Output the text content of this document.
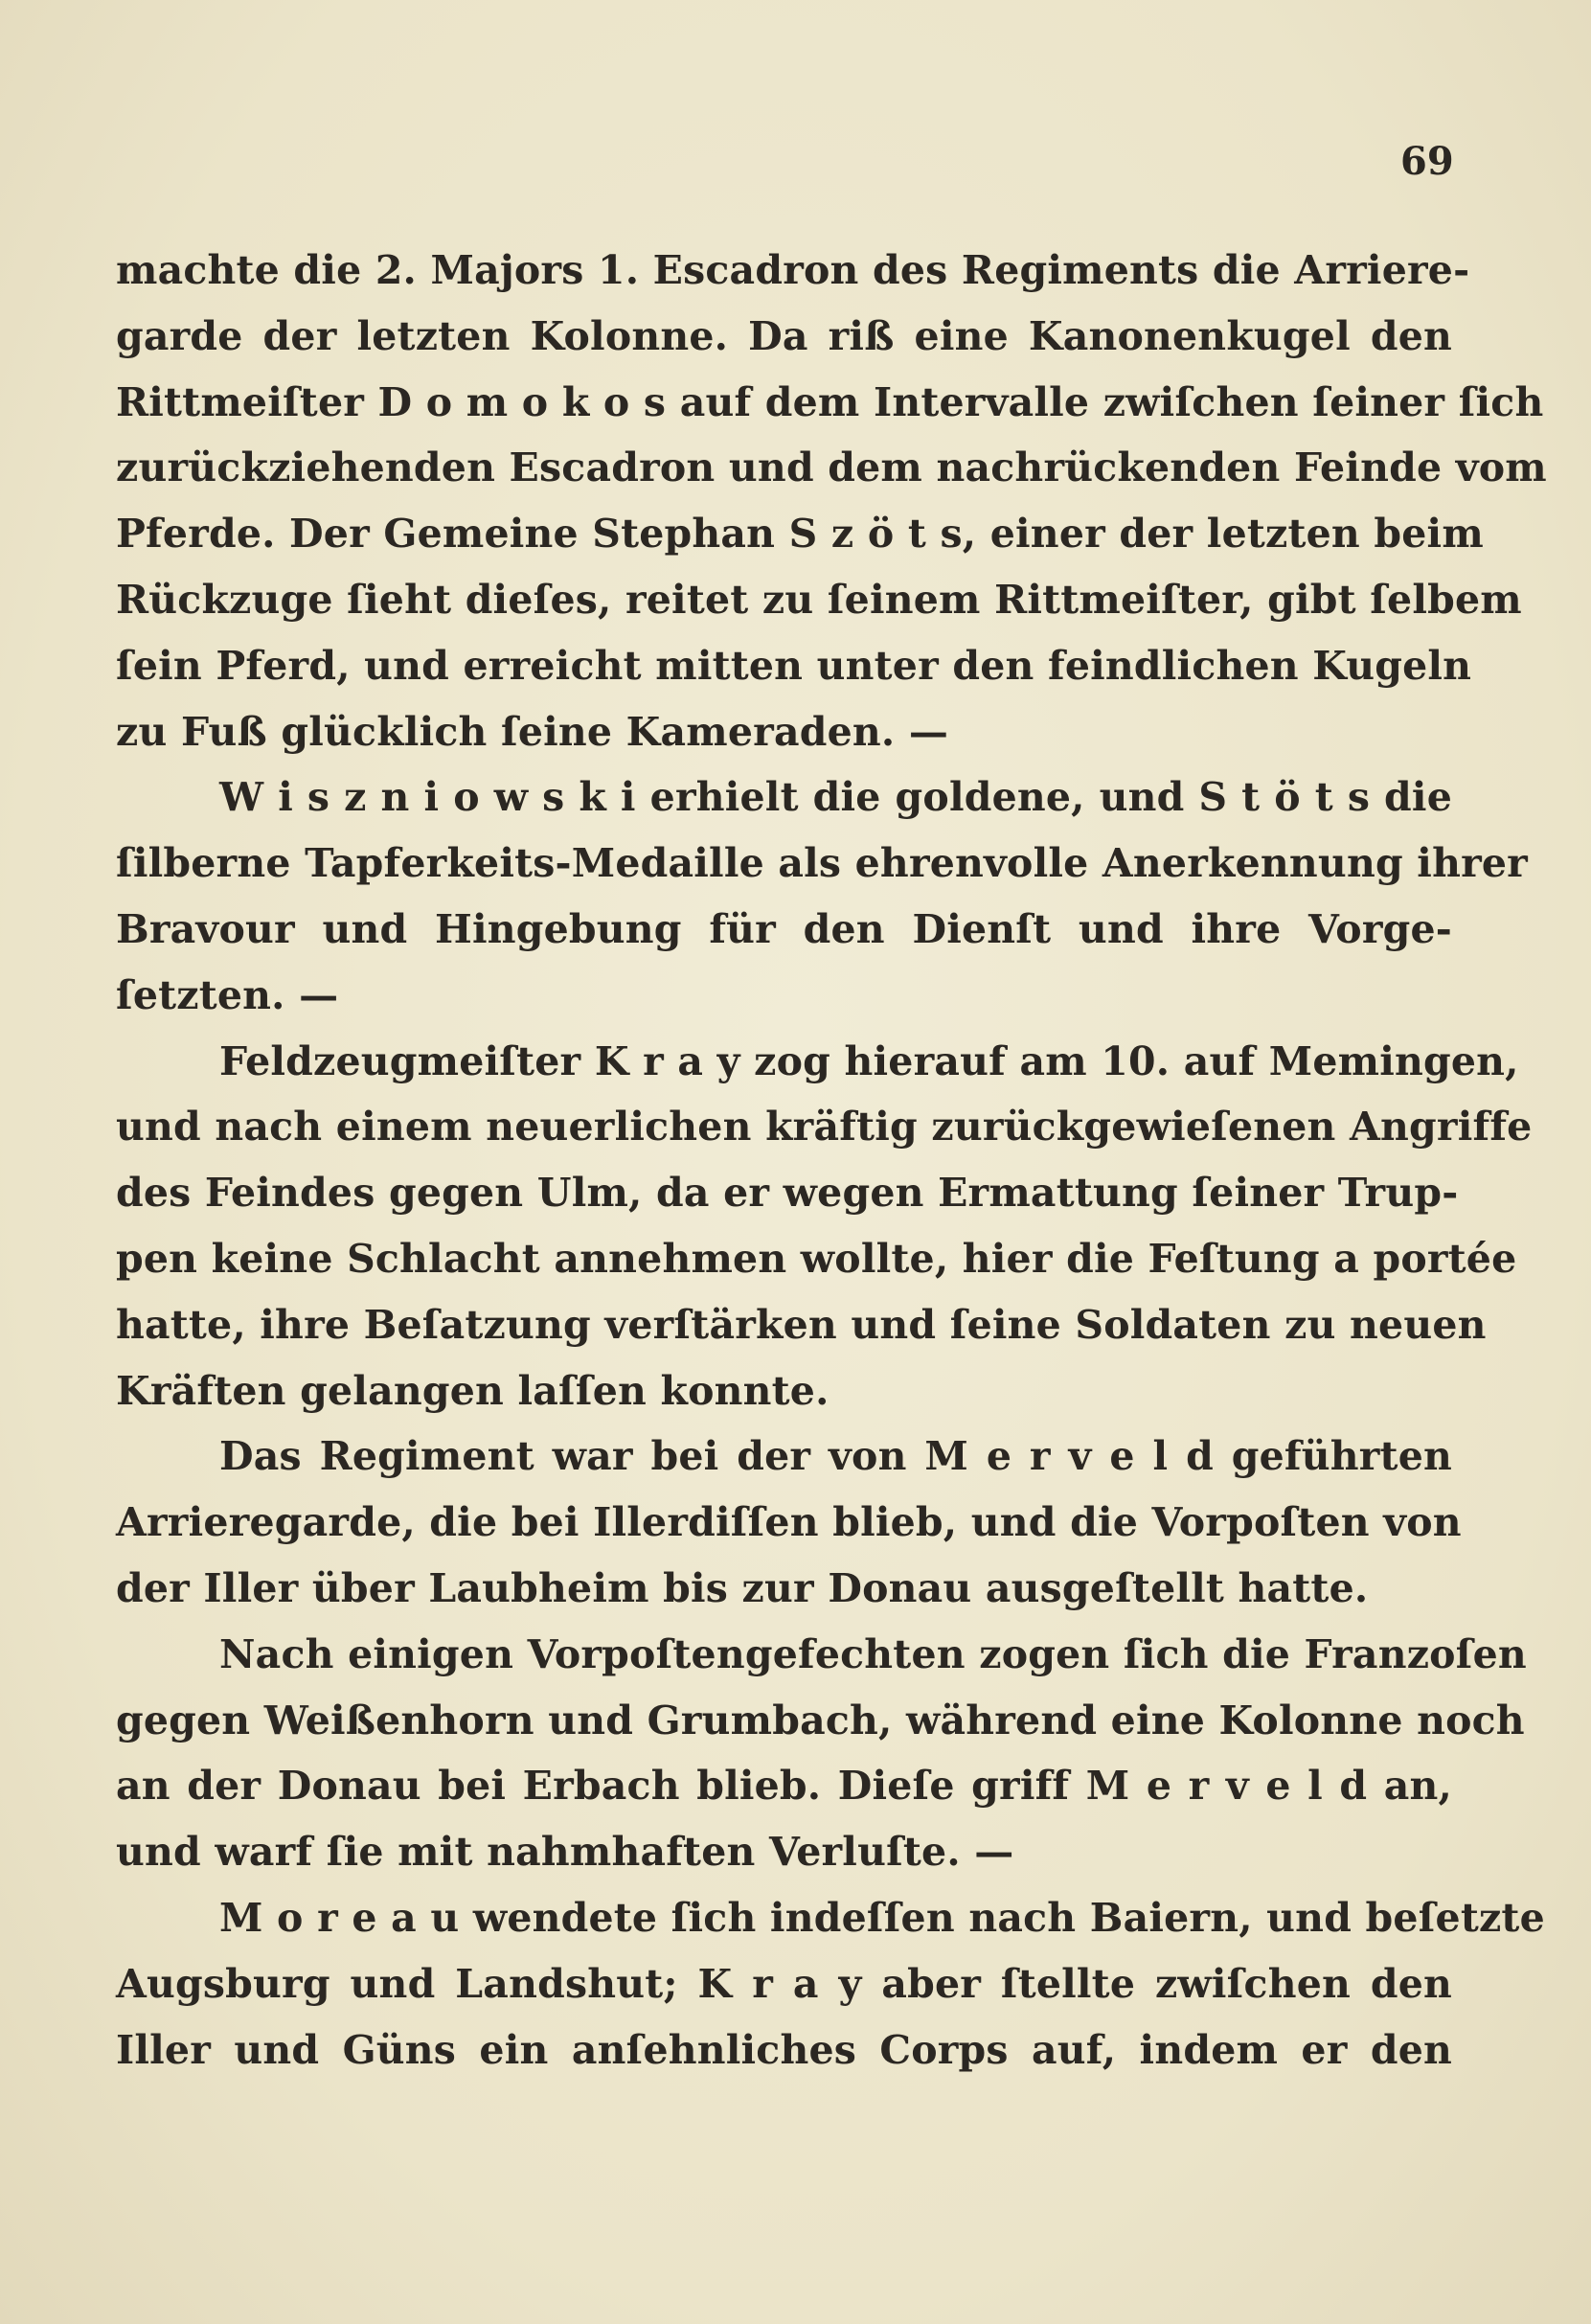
69
machte die 2. Majors 1. Escadron des Regiments die Arriere-
garde der letzten Kolonne. Da riß eine Kanonenkugel den
Rittmeiſter D o m o k o s auf dem Intervalle zwiſchen ſeiner ſich
zurückziehenden Escadron und dem nachrückenden Feinde vom
Pferde. Der Gemeine Stephan S z ö t s, einer der letzten beim
Rückzuge ſieht dieſes, reitet zu ſeinem Rittmeiſter, gibt ſelbem
ſein Pferd, und erreicht mitten unter den feindlichen Kugeln
zu Fuß glücklich ſeine Kameraden. —
W i s z n i o w s k i erhielt die goldene, und S t ö t s die
ſilberne Tapferkeits-Medaille als ehrenvolle Anerkennung ihrer
Bravour und Hingebung für den Dienſt und ihre Vorge-
ſetzten. —
Feldzeugmeiſter K r a y zog hierauf am 10. auf Memingen,
und nach einem neuerlichen kräftig zurückgewieſenen Angriffe
des Feindes gegen Ulm, da er wegen Ermattung ſeiner Trup-
pen keine Schlacht annehmen wollte, hier die Feſtung a portée
hatte, ihre Beſatzung verſtärken und ſeine Soldaten zu neuen
Kräften gelangen laſſen konnte.
Das Regiment war bei der von M e r v e l d geführten
Arrieregarde, die bei Illerdiſſen blieb, und die Vorpoſten von
der Iller über Laubheim bis zur Donau ausgeſtellt hatte.
Nach einigen Vorpoſtengefechten zogen ſich die Franzoſen
gegen Weißenhorn und Grumbach, während eine Kolonne noch
an der Donau bei Erbach blieb. Dieſe griff M e r v e l d an,
und warf ſie mit nahmhaften Verluſte. —
M o r e a u wendete ſich indeſſen nach Baiern, und beſetzte
Augsburg und Landshut; K r a y aber ſtellte zwiſchen den
Iller und Güns ein anſehnliches Corps auf, indem er den
